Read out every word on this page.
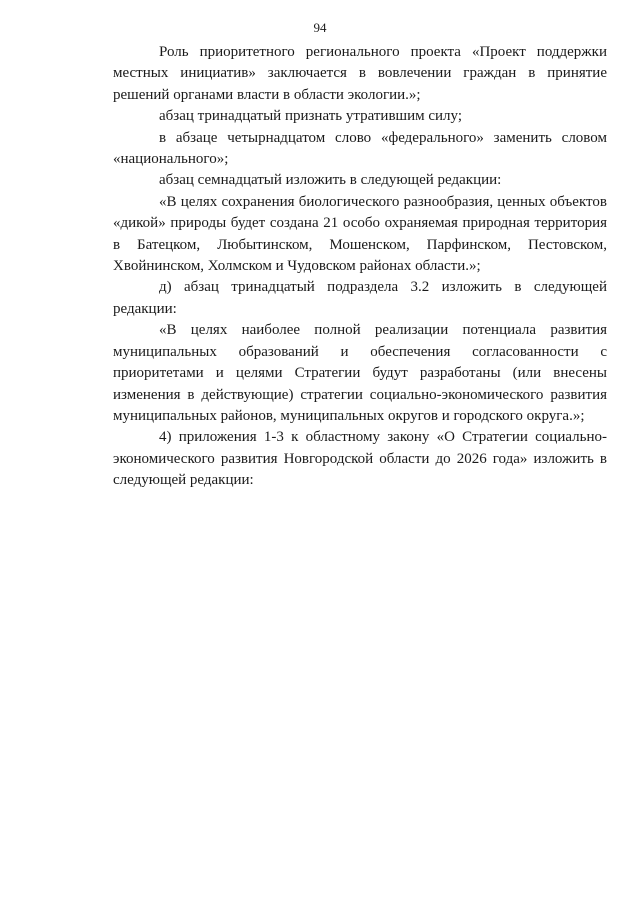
94

Роль приоритетного регионального проекта «Проект поддержки местных инициатив» заключается в вовлечении граждан в принятие решений органами власти в области экологии.»;

абзац тринадцатый признать утратившим силу;

в абзаце четырнадцатом слово «федерального» заменить словом «национального»;

абзац семнадцатый изложить в следующей редакции:

«В целях сохранения биологического разнообразия, ценных объектов «дикой» природы будет создана 21 особо охраняемая природная территория в Батецком, Любытинском, Мошенском, Парфинском, Пестовском, Хвойнинском, Холмском и Чудовском районах области.»;

д) абзац тринадцатый подраздела 3.2 изложить в следующей редакции:

«В целях наиболее полной реализации потенциала развития муниципальных образований и обеспечения согласованности с приоритетами и целями Стратегии будут разработаны (или внесены изменения в действующие) стратегии социально-экономического развития муниципальных районов, муниципальных округов и городского округа.»;

4) приложения 1-3 к областному закону «О Стратегии социально-экономического развития Новгородской области до 2026 года» изложить в следующей редакции:
